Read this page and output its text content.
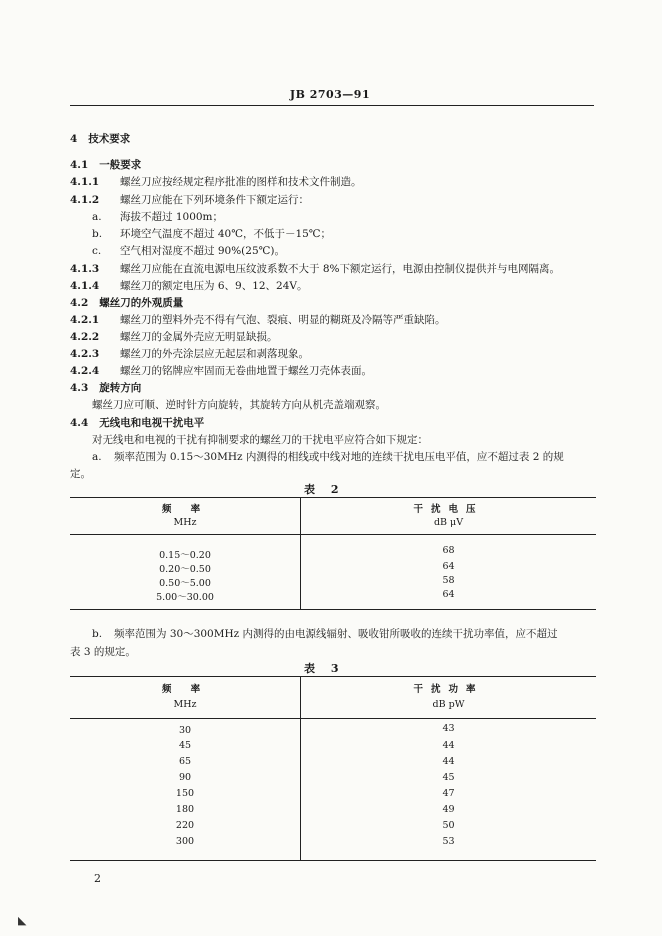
JB 2703—91
4 技术要求
4.1 一般要求
4.1.1 螺丝刀应按经规定程序批准的图样和技术文件制造。
4.1.2 螺丝刀应能在下列环境条件下额定运行：
a. 海拔不超过 1000m；
b. 环境空气温度不超过 40℃，不低于－15℃；
c. 空气相对湿度不超过 90%(25℃)。
4.1.3 螺丝刀应能在直流电源电压纹波系数不大于 8%下额定运行，电源由控制仪提供并与电网隔离。
4.1.4 螺丝刀的额定电压为 6、9、12、24V。
4.2 螺丝刀的外观质量
4.2.1 螺丝刀的塑料外壳不得有气泡、裂痕、明显的糊斑及冷隔等严重缺陷。
4.2.2 螺丝刀的金属外壳应无明显缺损。
4.2.3 螺丝刀的外壳涂层应无起层和剥落现象。
4.2.4 螺丝刀的铭牌应牢固而无卷曲地置于螺丝刀壳体表面。
4.3 旋转方向
螺丝刀应可顺、逆时针方向旋转，其旋转方向从机壳盖端观察。
4.4 无线电和电视干扰电平
对无线电和电视的干扰有抑制要求的螺丝刀的干扰电平应符合如下规定：
a. 频率范围为 0.15～30MHz 内测得的相线或中线对地的连续干扰电压电平值，应不超过表 2 的规
定。
表 2
频 率	干扰电压
MHz	dB μV
0.15～0.20	68
0.20～0.50	64
0.50～5.00	58
5.00～30.00	64
b. 频率范围为 30～300MHz 内测得的由电源线辐射、吸收钳所吸收的连续干扰功率值，应不超过
表 3 的规定。
表 3
频 率	干扰功率
MHz	dB pW
30	43
45	44
65	44
90	45
150	47
180	49
220	50
300	53
2
◣
